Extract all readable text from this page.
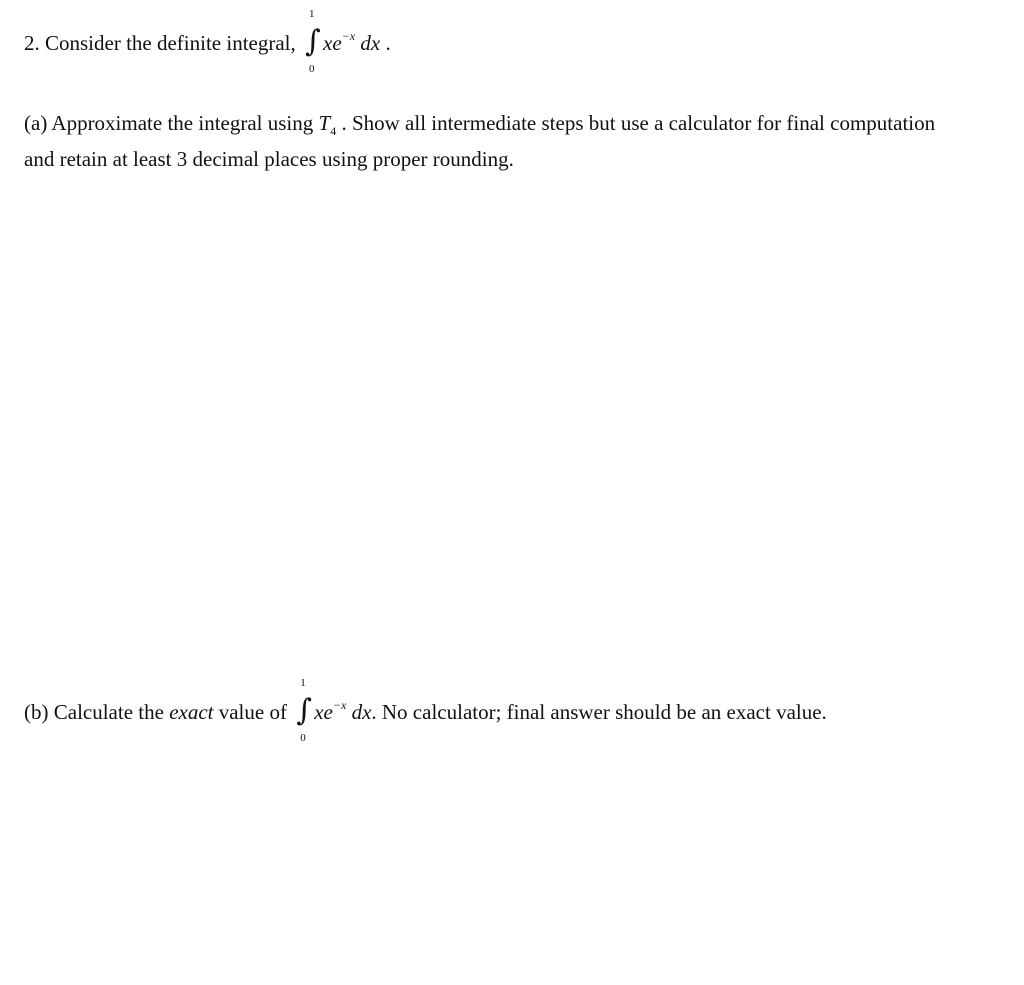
2. Consider the definite integral, ∫
1
0
$xe^{-x}$ dx .
(a) Approximate the integral using $T_4$ . Show all intermediate steps but use a calculator for final computation
and retain at least 3 decimal places using proper rounding.
(b) Calculate the exact value of ∫
1
0
$xe^{-x}$ dx. No calculator; final answer should be an exact value.
